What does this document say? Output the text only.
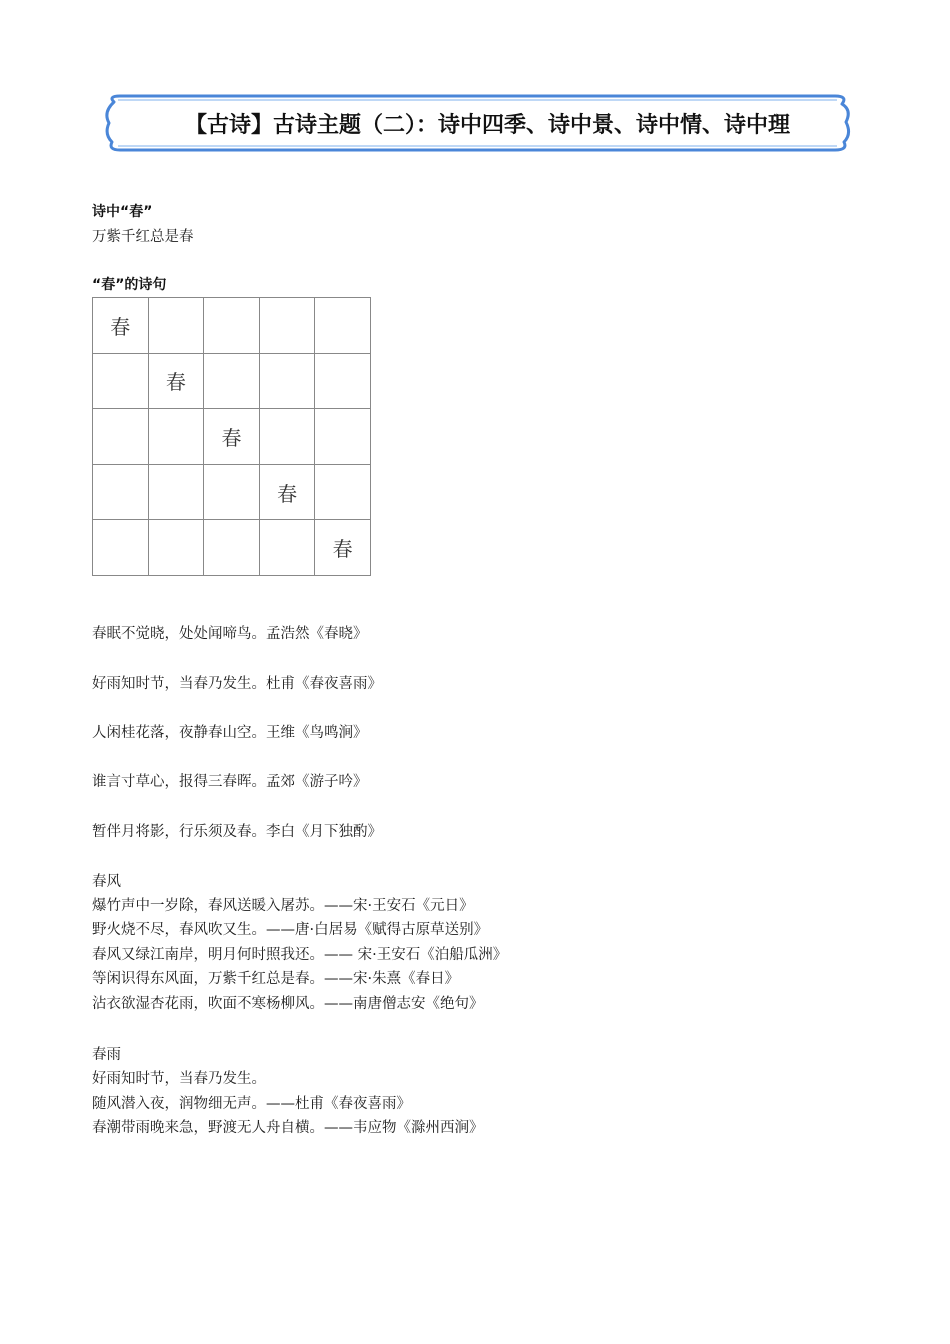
【古诗】古诗主题（二）：诗中四季、诗中景、诗中情、诗中理
诗中“春”
万紫千红总是春
“春”的诗句
春
春
春
春
春
春眠不觉晓，处处闻啼鸟。孟浩然《春晓》
好雨知时节，当春乃发生。杜甫《春夜喜雨》
人闲桂花落，夜静春山空。王维《鸟鸣涧》
谁言寸草心，报得三春晖。孟郊《游子吟》
暂伴月将影，行乐须及春。李白《月下独酌》
春风
爆竹声中一岁除，春风送暖入屠苏。——宋·王安石《元日》
野火烧不尽，春风吹又生。——唐·白居易《赋得古原草送别》
春风又绿江南岸，明月何时照我还。—— 宋·王安石《泊船瓜洲》
等闲识得东风面，万紫千红总是春。——宋·朱熹《春日》
沾衣欲湿杏花雨，吹面不寒杨柳风。——南唐僧志安《绝句》
春雨
好雨知时节，当春乃发生。
随风潜入夜，润物细无声。——杜甫《春夜喜雨》
春潮带雨晚来急，野渡无人舟自横。——韦应物《滁州西涧》
